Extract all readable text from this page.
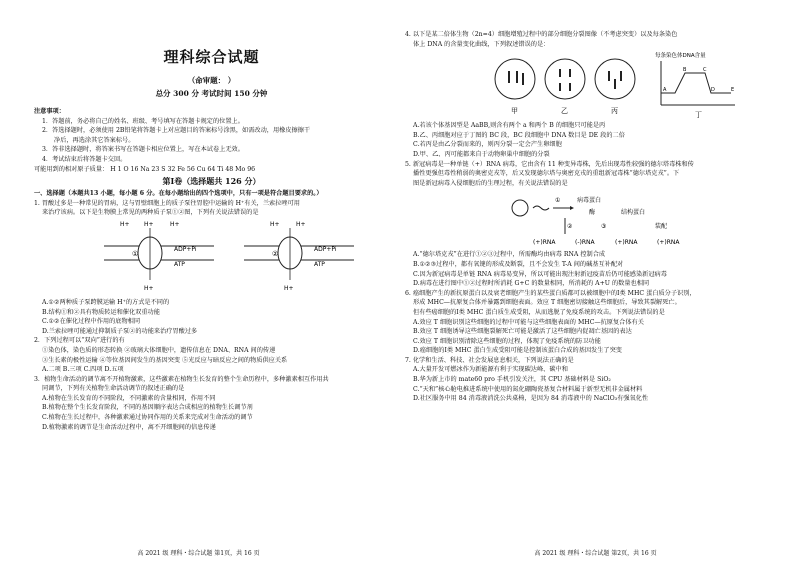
理科综合试题
（命审题： ）
总分 300 分 考试时间 150 分钟
注意事项：
1．答题前，务必将自己的姓名、班级、考号填写在答题卡规定的位置上。
2．答选择题时，必须使用 2B铅笔将答题卡上对应题目的答案标号涂黑，如需改动，用橡皮擦擦干
净后，再选涂其它答案标号。
3．答非选择题时，将答案书写在答题卡相应位置上，写在本试卷上无效。
4．考试结束后将答题卡交回。
可能用到的相对原子质量： H 1 O 16 Na 23 S 32 Fe 56 Cu 64 Ti 48 Mo 96
第Ⅰ卷（选择题共 126 分）
一、选择题（本题共13 小题，每小题 6 分。在每小题给出的四个选项中，只有一项是符合题目要求的。）
1. 胃酸过多是一种常见的胃病，这与胃壁细胞上的质子泵往胃腔中运输的 H⁺有关，兰索拉唑可用
来治疗该病。以下是生物膜上常见的两种质子泵①②图，下列有关说法错误的是
H+ H+	H+
①
ADP+Pi
ATP
H+
H+	H+
②
ADP+Pi
ATP
H+
A.①②两种质子泵跨膜运输 H⁺的方式是不同的
B.结构①和②具有物质转运和催化双重功能
C.①②在催化过程中作用的底物相同
D.兰索拉唑可能通过抑制质子泵②的功能来治疗胃酸过多
2．下列过程可以“双向”进行的有
①染色体，染色质的形态转换 ②玻璃大体细胞中，遗传信息在 DNA、RNA 间的传递
③生长素的极性运输 ④等位基因间发生的基因突变 ⑤光反应与暗反应之间的物质供应关系
A.二项 B.三项 C.四项 D.五项
3．植物生命活动的调节离不开植物激素，这些激素在植物生长发育的整个生命历程中，多种激素相互作用共
同调节，下列有关植物生命活动调节的叙述正确的是
A.植物在生长发育的不同阶段，不同激素的含量相同，作用不同
B.植物在整个生长发育阶段，不同的基因顺序表达合成相应的植物生长调节剂
C.植物在生长过程中，各种激素通过协同作用的关系来完成对生命活动的调节
D.植物激素的调节是生命活动过程中，离不开细胞间的信息传递
高 2021 级 理科・综合试题 第1页，共 16 页
4. 以下是某二倍体生物（2n=4）细胞增殖过程中的部分细胞分裂图像（不考虑突变）以及每条染色
体上 DNA 的含量变化曲线，下列叙述错误的是：
甲	乙	丙
每条染色体DNA含量
A
B	C
D	E
丁
A.若该个体基因型是 AaBB,则含有两个 a 和两个 B 的细胞只可能是丙
B.乙、丙细胞对应于丁图的 BC 段，BC 段细胞中 DNA 数目是 DE 段的二倍
C.若丙是由乙分裂而来的，则丙分裂一定会产生卵细胞
D.甲、乙、丙可能都来自于动物卵巢中细胞的分裂
5. 新冠病毒是一种单链（+）RNA 病毒，它由含有 11 种变异毒株，先后出现毒性较强的德尔塔毒株和传
播性更强但毒性稍弱的奥密克戎等，后又发现德尔塔与奥密克戎的重组新冠毒株“德尔塔克戎”。下
图是新冠病毒入侵细胞后的生理过程，有关说法错误的是
①	病毒蛋白
酶	结构蛋白
装配
②	③
(+)RNA	(-)RNA	(+)RNA	(+)RNA
A.“德尔塔克戎”在进行①②③过程中，所需酶均由病毒 RNA 控制合成
B.①②③过程中，都有氧键的形成及断裂，且不会发生 T-A 间的碱基互补配对
C.因为新冠病毒是单链 RNA 病毒易变异，所以可能出现注射新冠疫苗后仍可能感染新冠病毒
D.病毒在进行图中①②过程时所消耗 G+C 的数量相同，所消耗的 A+U 的数量也相同
6. 癌细胞产生的新抗原蛋白以及衰老细胞产生的某些蛋白质都可以被细胞中的I类 MHC 蛋白质分子识别，
形成 MHC—抗原复合体并暴露到细胞表面。效应 T 细胞密切接触这些细胞后，导致其裂解死亡。
但有些癌细胞的I类 MHC 蛋白质生成受阻，从而逃脱了免疫系统的攻击。下列说法错误的是
A.效应 T 细胞识别这些细胞的过程中可能与这些细胞表面的 MHC—抗原复合体有关
B.效应 T 细胞诱导这些细胞裂解死亡可能是激活了这些细胞内促凋亡基因的表达
C.效应 T 细胞识别清除这些细胞的过程，体现了免疫系统的防卫功能
D.癌细胞的I类 MHC 蛋白生成受阻可能是控制该蛋白合成的基因发生了突变
7. 化学和生活、科技、社会发展息息相关，下列说法正确的是
A.大量开发可燃冰作为新能源有利于实现碳达峰、碳中和
B.华为新上市的 mate60 pro 手机引发关注，其 CPU 基础材料是 SiO₂
C.“天和”核心舱电推进系统中使用的氮化硼陶瓷基复合材料属于新型无机非金属材料
D.社区服务中用 84 消毒液消洗公共桌椅，是因为 84 消毒液中的 NaClO₃有强氧化性
高 2021 级 理科・综合试题 第2页，共 16 页
